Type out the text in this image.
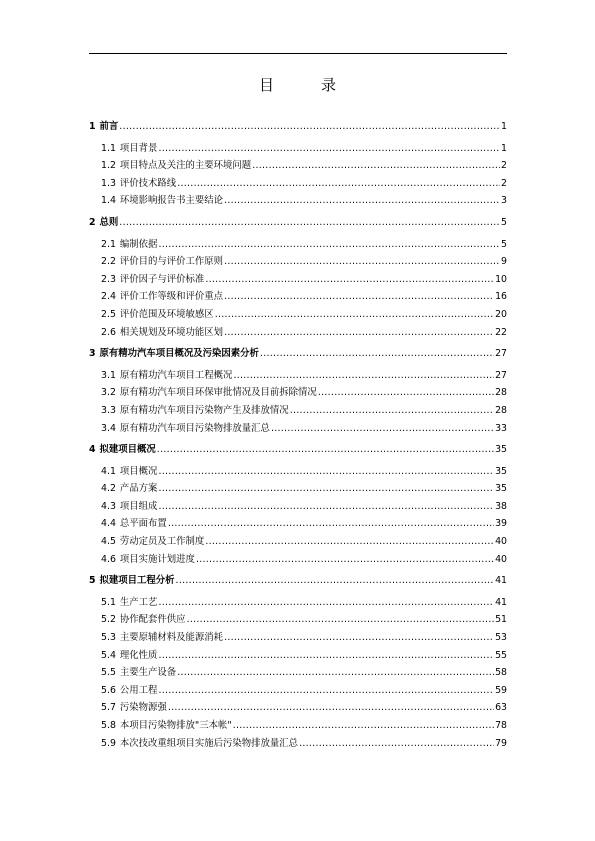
目　录
1 前言 .....	1
1.1 项目背景 .....	1
1.2 项目特点及关注的主要环境问题 .....	2
1.3 评价技术路线 .....	2
1.4 环境影响报告书主要结论 .....	3
2 总则 .....	5
2.1 编制依据 .....	5
2.2 评价目的与评价工作原则 .....	9
2.3 评价因子与评价标准 .....	10
2.4 评价工作等级和评价重点 .....	16
2.5 评价范围及环境敏感区 .....	20
2.6 相关规划及环境功能区划 .....	22
3 原有精功汽车项目概况及污染因素分析 .....	27
3.1 原有精功汽车项目工程概况 .....	27
3.2 原有精功汽车项目环保审批情况及目前拆除情况 .....	28
3.3 原有精功汽车项目污染物产生及排放情况 .....	28
3.4 原有精功汽车项目污染物排放量汇总 .....	33
4 拟建项目概况 .....	35
4.1 项目概况 .....	35
4.2 产品方案 .....	35
4.3 项目组成 .....	38
4.4 总平面布置 .....	39
4.5 劳动定员及工作制度 .....	40
4.6 项目实施计划进度 .....	40
5 拟建项目工程分析 .....	41
5.1 生产工艺 .....	41
5.2 协作配套件供应 .....	51
5.3 主要原辅材料及能源消耗 .....	53
5.4 理化性质 .....	55
5.5 主要生产设备 .....	58
5.6 公用工程 .....	59
5.7 污染物源强 .....	63
5.8 本项目污染物排放"三本帐" .....	78
5.9 本次技改重组项目实施后污染物排放量汇总 .....	79
